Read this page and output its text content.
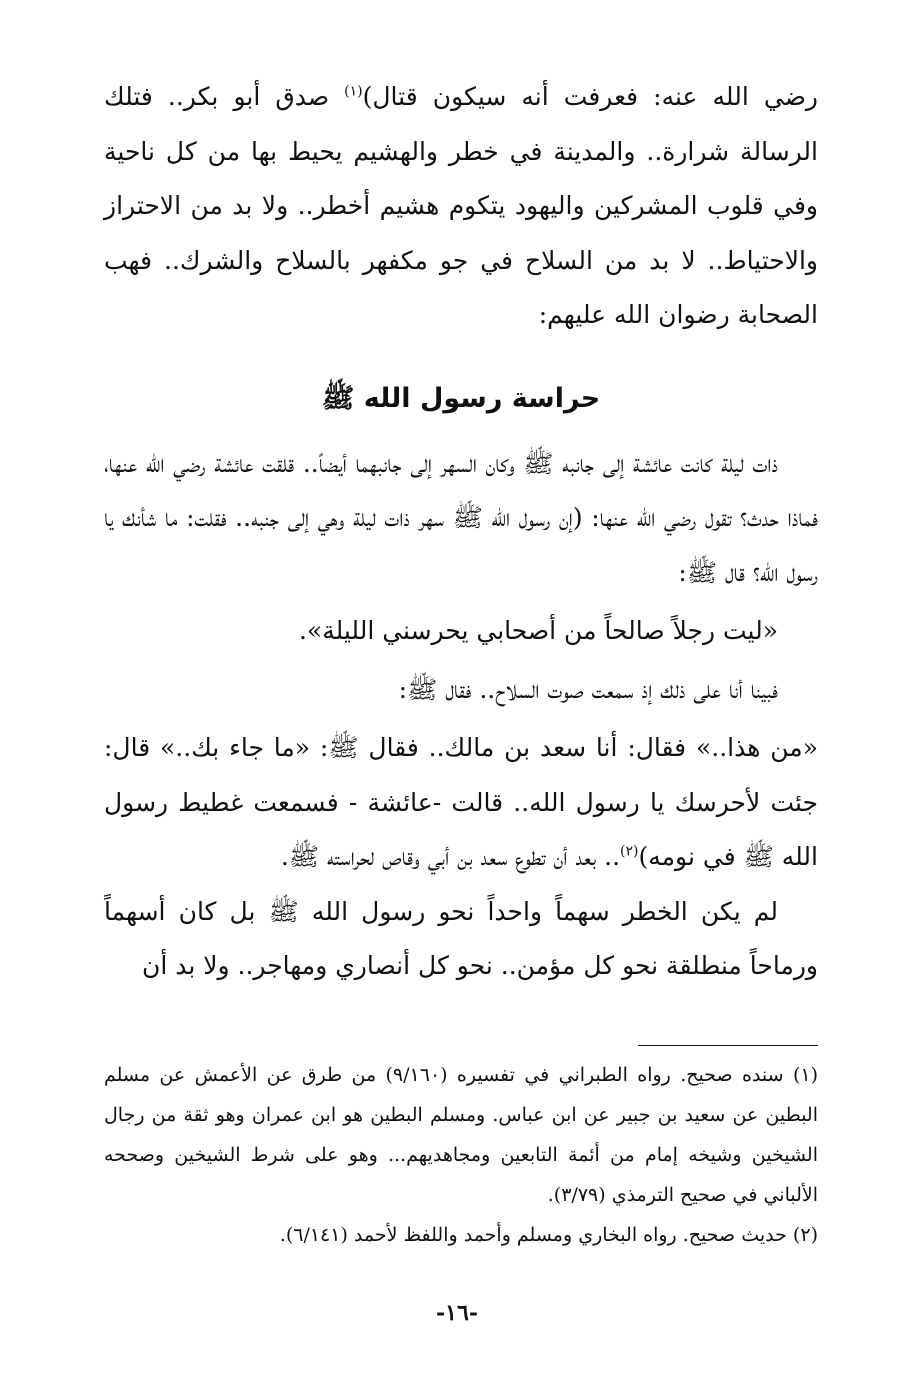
رضي الله عنه: فعرفت أنه سيكون قتال)$^{(١)}$ صدق أبو بكر.. فتلك الرسالة شرارة.. والمدينة في خطر والهشيم يحيط بها من كل ناحية وفي قلوب المشركين واليهود يتكوم هشيم أخطر.. ولا بد من الاحتراز والاحتياط.. لا بد من السلاح في جو مكفهر بالسلاح والشرك.. فهب الصحابة رضوان الله عليهم:

حراسة رسول الله ﷺ

ذات ليلة كانت عائشة إلى جانبه ﷺ وكان السهر إلى جانبهما أيضاً.. قلقت عائشة رضي الله عنها، فماذا حدث؟ تقول رضي الله عنها: (إن رسول الله ﷺ سهر ذات ليلة وهي إلى جنبه.. فقلت: ما شأنك يا رسول الله؟ قال ﷺ:

«ليت رجلاً صالحاً من أصحابي يحرسني الليلة».

فبينا أنا على ذلك إذ سمعت صوت السلاح.. فقال ﷺ:

«من هذا..» فقال: أنا سعد بن مالك.. فقال ﷺ: «ما جاء بك..» قال: جئت لأحرسك يا رسول الله.. قالت -عائشة - فسمعت غطيط رسول الله ﷺ في نومه)$^{(٢)}$.. بعد أن تطوع سعد بن أبي وقاص لحراسته ﷺ.

لم يكن الخطر سهماً واحداً نحو رسول الله ﷺ بل كان أسهماً ورماحاً منطلقة نحو كل مؤمن.. نحو كل أنصاري ومهاجر.. ولا بد أن

(١) سنده صحيح. رواه الطبراني في تفسيره (٩/١٦٠) من طرق عن الأعمش عن مسلم البطين عن سعيد بن جبير عن ابن عباس. ومسلم البطين هو ابن عمران وهو ثقة من رجال الشيخين وشيخه إمام من أئمة التابعين ومجاهديهم... وهو على شرط الشيخين وصححه الألباني في صحيح الترمذي (٣/٧٩).

(٢) حديث صحيح. رواه البخاري ومسلم وأحمد واللفظ لأحمد (٦/١٤١).

-١٦-
